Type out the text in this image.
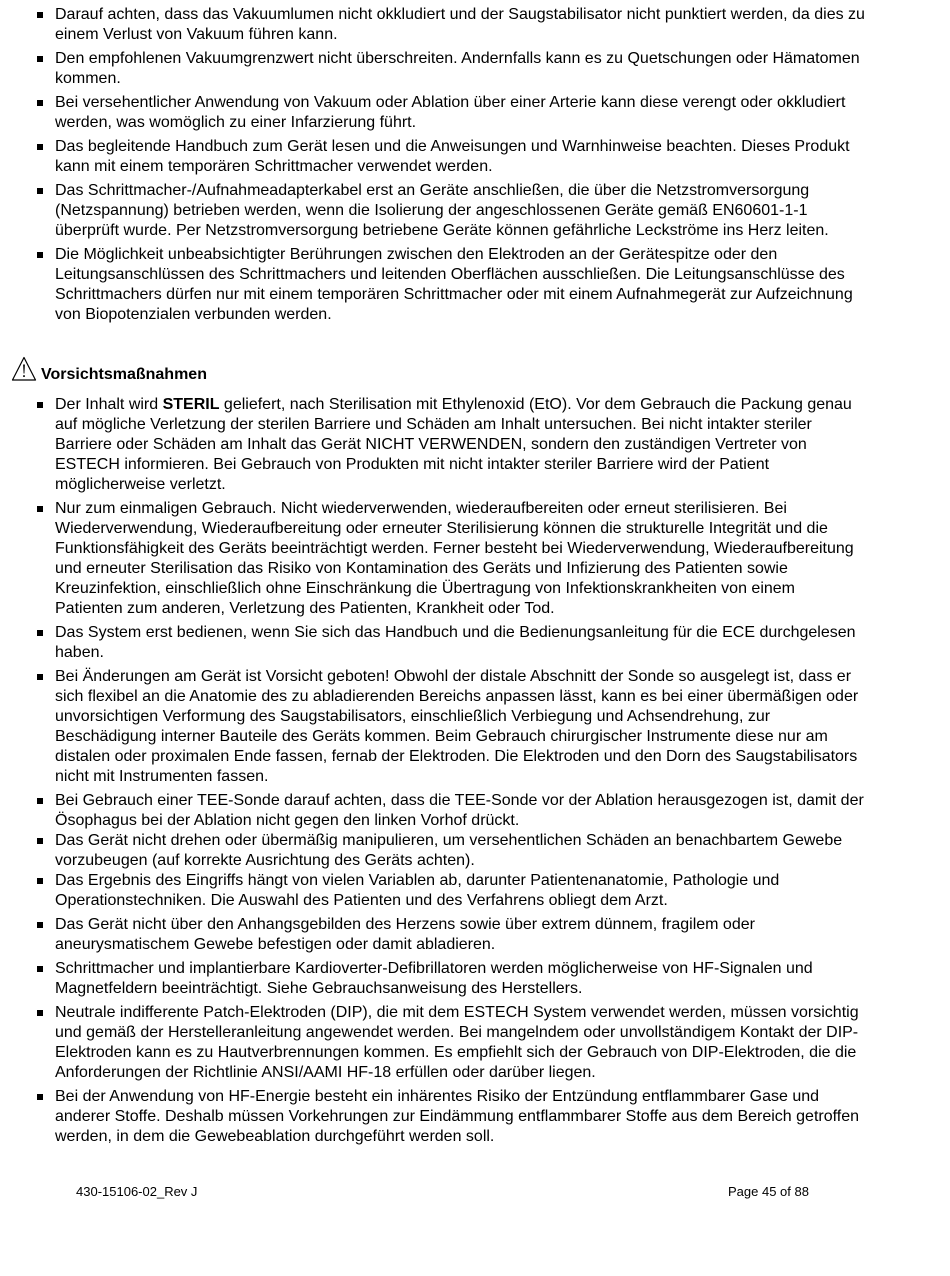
Darauf achten, dass das Vakuumlumen nicht okkludiert und der Saugstabilisator nicht punktiert werden, da dies zu einem Verlust von Vakuum führen kann.
Den empfohlenen Vakuumgrenzwert nicht überschreiten. Andernfalls kann es zu Quetschungen oder Hämatomen kommen.
Bei versehentlicher Anwendung von Vakuum oder Ablation über einer Arterie kann diese verengt oder okkludiert werden, was womöglich zu einer Infarzierung führt.
Das begleitende Handbuch zum Gerät lesen und die Anweisungen und Warnhinweise beachten. Dieses Produkt kann mit einem temporären Schrittmacher verwendet werden.
Das Schrittmacher-/Aufnahmeadapterkabel erst an Geräte anschließen, die über die Netzstromversorgung (Netzspannung) betrieben werden, wenn die Isolierung der angeschlossenen Geräte gemäß EN60601-1-1 überprüft wurde. Per Netzstromversorgung betriebene Geräte können gefährliche Leckströme ins Herz leiten.
Die Möglichkeit unbeabsichtigter Berührungen zwischen den Elektroden an der Gerätespitze oder den Leitungsanschlüssen des Schrittmachers und leitenden Oberflächen ausschließen. Die Leitungsanschlüsse des Schrittmachers dürfen nur mit einem temporären Schrittmacher oder mit einem Aufnahmegerät zur Aufzeichnung von Biopotenzialen verbunden werden.
Vorsichtsmaßnahmen
Der Inhalt wird STERIL geliefert, nach Sterilisation mit Ethylenoxid (EtO). Vor dem Gebrauch die Packung genau auf mögliche Verletzung der sterilen Barriere und Schäden am Inhalt untersuchen. Bei nicht intakter steriler Barriere oder Schäden am Inhalt das Gerät NICHT VERWENDEN, sondern den zuständigen Vertreter von ESTECH informieren. Bei Gebrauch von Produkten mit nicht intakter steriler Barriere wird der Patient möglicherweise verletzt.
Nur zum einmaligen Gebrauch. Nicht wiederverwenden, wiederaufbereiten oder erneut sterilisieren. Bei Wiederverwendung, Wiederaufbereitung oder erneuter Sterilisierung können die strukturelle Integrität und die Funktionsfähigkeit des Geräts beeinträchtigt werden. Ferner besteht bei Wiederverwendung, Wiederaufbereitung und erneuter Sterilisation das Risiko von Kontamination des Geräts und Infizierung des Patienten sowie Kreuzinfektion, einschließlich ohne Einschränkung die Übertragung von Infektionskrankheiten von einem Patienten zum anderen, Verletzung des Patienten, Krankheit oder Tod.
Das System erst bedienen, wenn Sie sich das Handbuch und die Bedienungsanleitung für die ECE durchgelesen haben.
Bei Änderungen am Gerät ist Vorsicht geboten! Obwohl der distale Abschnitt der Sonde so ausgelegt ist, dass er sich flexibel an die Anatomie des zu abladierenden Bereichs anpassen lässt, kann es bei einer übermäßigen oder unvorsichtigen Verformung des Saugstabilisators, einschließlich Verbiegung und Achsendrehung, zur Beschädigung interner Bauteile des Geräts kommen. Beim Gebrauch chirurgischer Instrumente diese nur am distalen oder proximalen Ende fassen, fernab der Elektroden. Die Elektroden und den Dorn des Saugstabilisators nicht mit Instrumenten fassen.
Bei Gebrauch einer TEE-Sonde darauf achten, dass die TEE-Sonde vor der Ablation herausgezogen ist, damit der Ösophagus bei der Ablation nicht gegen den linken Vorhof drückt.
Das Gerät nicht drehen oder übermäßig manipulieren, um versehentlichen Schäden an benachbartem Gewebe vorzubeugen (auf korrekte Ausrichtung des Geräts achten).
Das Ergebnis des Eingriffs hängt von vielen Variablen ab, darunter Patientenanatomie, Pathologie und Operationstechniken. Die Auswahl des Patienten und des Verfahrens obliegt dem Arzt.
Das Gerät nicht über den Anhangsgebilden des Herzens sowie über extrem dünnem, fragilem oder aneurysmatischem Gewebe befestigen oder damit abladieren.
Schrittmacher und implantierbare Kardioverter-Defibrillatoren werden möglicherweise von HF-Signalen und Magnetfeldern beeinträchtigt. Siehe Gebrauchsanweisung des Herstellers.
Neutrale indifferente Patch-Elektroden (DIP), die mit dem ESTECH System verwendet werden, müssen vorsichtig und gemäß der Herstelleranleitung angewendet werden. Bei mangelndem oder unvollständigem Kontakt der DIP-Elektroden kann es zu Hautverbrennungen kommen. Es empfiehlt sich der Gebrauch von DIP-Elektroden, die die Anforderungen der Richtlinie ANSI/AAMI HF-18 erfüllen oder darüber liegen.
Bei der Anwendung von HF-Energie besteht ein inhärentes Risiko der Entzündung entflammbarer Gase und anderer Stoffe. Deshalb müssen Vorkehrungen zur Eindämmung entflammbarer Stoffe aus dem Bereich getroffen werden, in dem die Gewebeablation durchgeführt werden soll.
430-15106-02_Rev J	Page 45 of 88
